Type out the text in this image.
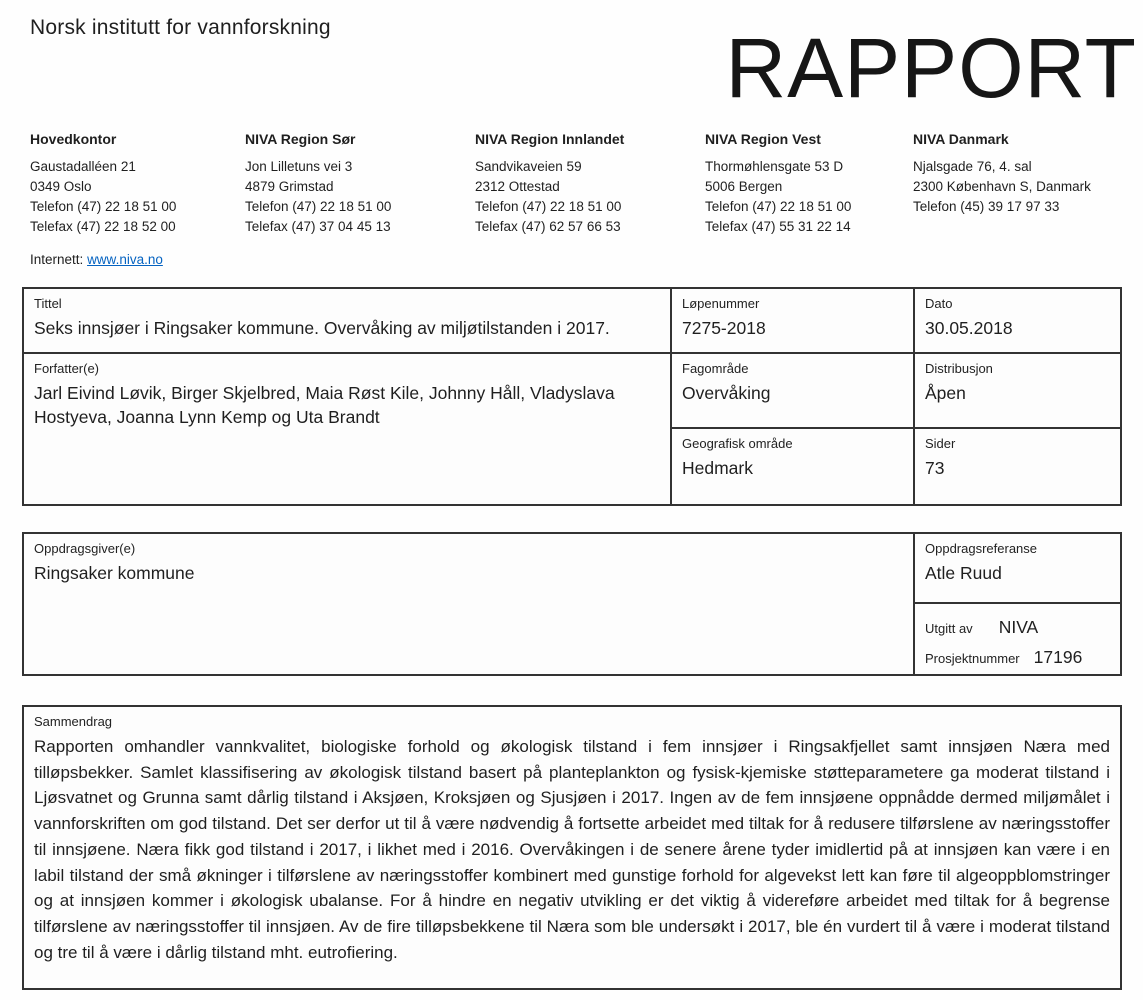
Norsk institutt for vannforskning	RAPPORT
Hovedkontor
Gaustadalléen 21
0349 Oslo
Telefon (47) 22 18 51 00
Telefax (47) 22 18 52 00
NIVA Region Sør
Jon Lilletuns vei 3
4879 Grimstad
Telefon (47) 22 18 51 00
Telefax (47) 37 04 45 13
NIVA Region Innlandet
Sandvikaveien 59
2312 Ottestad
Telefon (47) 22 18 51 00
Telefax (47) 62 57 66 53
NIVA Region Vest
Thormøhlensgate 53 D
5006 Bergen
Telefon (47) 22 18 51 00
Telefax (47) 55 31 22 14
NIVA Danmark
Njalsgade 76, 4. sal
2300 København S, Danmark
Telefon (45) 39 17 97 33
Internett: www.niva.no
Tittel
Seks innsjøer i Ringsaker kommune. Overvåking av miljøtilstanden i 2017.
Løpenummer
7275-2018
Dato
30.05.2018
Forfatter(e)
Jarl Eivind Løvik, Birger Skjelbred, Maia Røst Kile, Johnny Håll, Vladyslava Hostyeva, Joanna Lynn Kemp og Uta Brandt
Fagområde
Overvåking
Distribusjon
Åpen
Geografisk område
Hedmark
Sider
73
Oppdragsgiver(e)
Ringsaker kommune
Oppdragsreferanse
Atle Ruud
Utgitt av NIVA
Prosjektnummer 17196
Sammendrag
Rapporten omhandler vannkvalitet, biologiske forhold og økologisk tilstand i fem innsjøer i Ringsakfjellet samt innsjøen Næra med tilløpsbekker. Samlet klassifisering av økologisk tilstand basert på planteplankton og fysisk-kjemiske støtteparametere ga moderat tilstand i Ljøsvatnet og Grunna samt dårlig tilstand i Aksjøen, Kroksjøen og Sjusjøen i 2017. Ingen av de fem innsjøene oppnådde dermed miljømålet i vannforskriften om god tilstand. Det ser derfor ut til å være nødvendig å fortsette arbeidet med tiltak for å redusere tilførslene av næringsstoffer til innsjøene. Næra fikk god tilstand i 2017, i likhet med i 2016. Overvåkingen i de senere årene tyder imidlertid på at innsjøen kan være i en labil tilstand der små økninger i tilførslene av næringsstoffer kombinert med gunstige forhold for algevekst lett kan føre til algeoppblomstringer og at innsjøen kommer i økologisk ubalanse. For å hindre en negativ utvikling er det viktig å videreføre arbeidet med tiltak for å begrense tilførslene av næringsstoffer til innsjøen. Av de fire tilløpsbekkene til Næra som ble undersøkt i 2017, ble én vurdert til å være i moderat tilstand og tre til å være i dårlig tilstand mht. eutrofiering.
